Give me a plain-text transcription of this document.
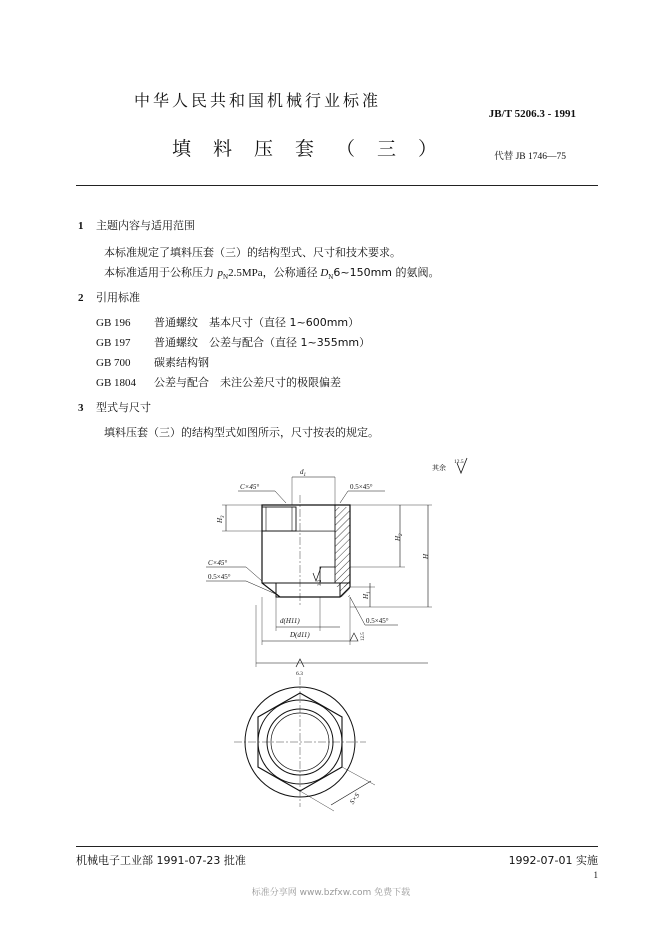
中华人民共和国机械行业标准
JB/T 5206.3 - 1991
填料压套（三）	代替 JB 1746—75
1 主题内容与适用范围
本标准规定了填料压套（三）的结构型式、尺寸和技术要求。
本标准适用于公称压力 $p_N2.5MPa$，公称通径 $D_N6\sim 150mm$ 的氨阀。
2 引用标准
GB 196 普通螺纹　基本尺寸（直径 1~600mm）
GB 197 普通螺纹　公差与配合（直径 1~355mm）
GB 700 碳素结构钢
GB 1804 公差与配合　未注公差尺寸的极限偏差
3 型式与尺寸
填料压套（三）的结构型式如图所示，尺寸按表的规定。
其余
12.5
$d_1$
C×45°	0.5×45°
$H_3$
$H_2$
H
C×45°
0.5×45°
3.2
$H_1$
d(H11)	0.5×45°
D(d11)	12.5
6.3
S×S
机械电子工业部 1991-07-23 批准	1992-07-01 实施
1
标准分享网 www.bzfxw.com 免费下载
